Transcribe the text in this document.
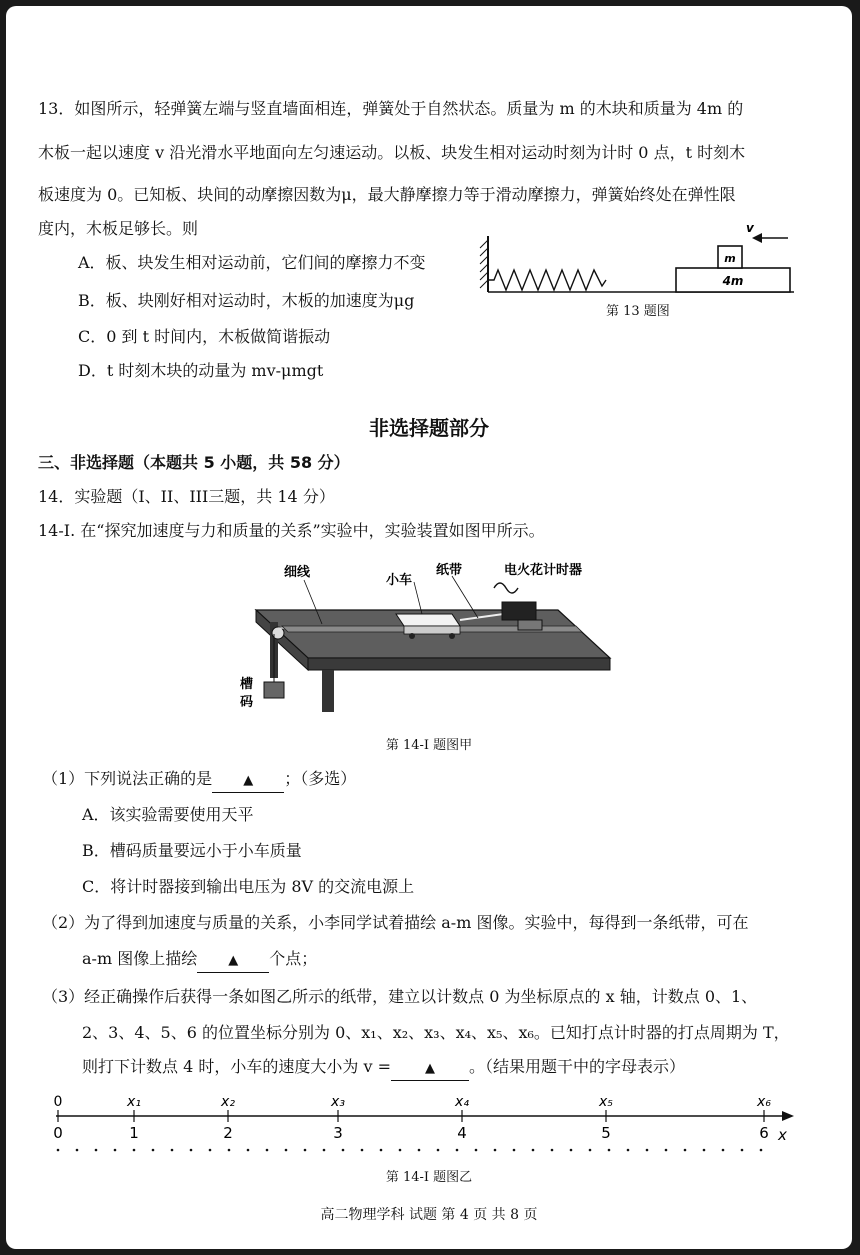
13．如图所示，轻弹簧左端与竖直墙面相连，弹簧处于自然状态。质量为 m 的木块和质量为 4m 的
木板一起以速度 v 沿光滑水平地面向左匀速运动。以板、块发生相对运动时刻为计时 0 点，t 时刻木
板速度为 0。已知板、块间的动摩擦因数为μ，最大静摩擦力等于滑动摩擦力，弹簧始终处在弹性限
度内，木板足够长。则
A．板、块发生相对运动前，它们间的摩擦力不变
B．板、块刚好相对运动时，木板的加速度为μg
C．0 到 t 时间内，木板做简谐振动
D．t 时刻木块的动量为 mv-μmgt
m
4m
v
第 13 题图
非选择题部分
三、非选择题（本题共 5 小题，共 58 分）
14．实验题（I、II、III三题，共 14 分）
14-I. 在“探究加速度与力和质量的关系”实验中，实验装置如图甲所示。
细线
小车
纸带	电火花计时器
槽
码
第 14-I 题图甲
（1）下列说法正确的是 ▲ ；（多选）
A．该实验需要使用天平
B．槽码质量要远小于小车质量
C．将计时器接到输出电压为 8V 的交流电源上
（2）为了得到加速度与质量的关系，小李同学试着描绘 a-m 图像。实验中，每得到一条纸带，可在
a-m 图像上描绘 ▲ 个点；
（3）经正确操作后获得一条如图乙所示的纸带，建立以计数点 0 为坐标原点的 x 轴，计数点 0、1、
2、3、4、5、6 的位置坐标分别为 0、x₁、x₂、x₃、x₄、x₅、x₆。已知打点计时器的打点周期为 T，
则打下计数点 4 时，小车的速度大小为 v =	▲ 。（结果用题干中的字母表示）
0	x₁	x₂	x₃	x₄	x₅	x₆
0	1	2	3	4	5	6 x
第 14-I 题图乙
高二物理学科 试题 第 4 页 共 8 页
